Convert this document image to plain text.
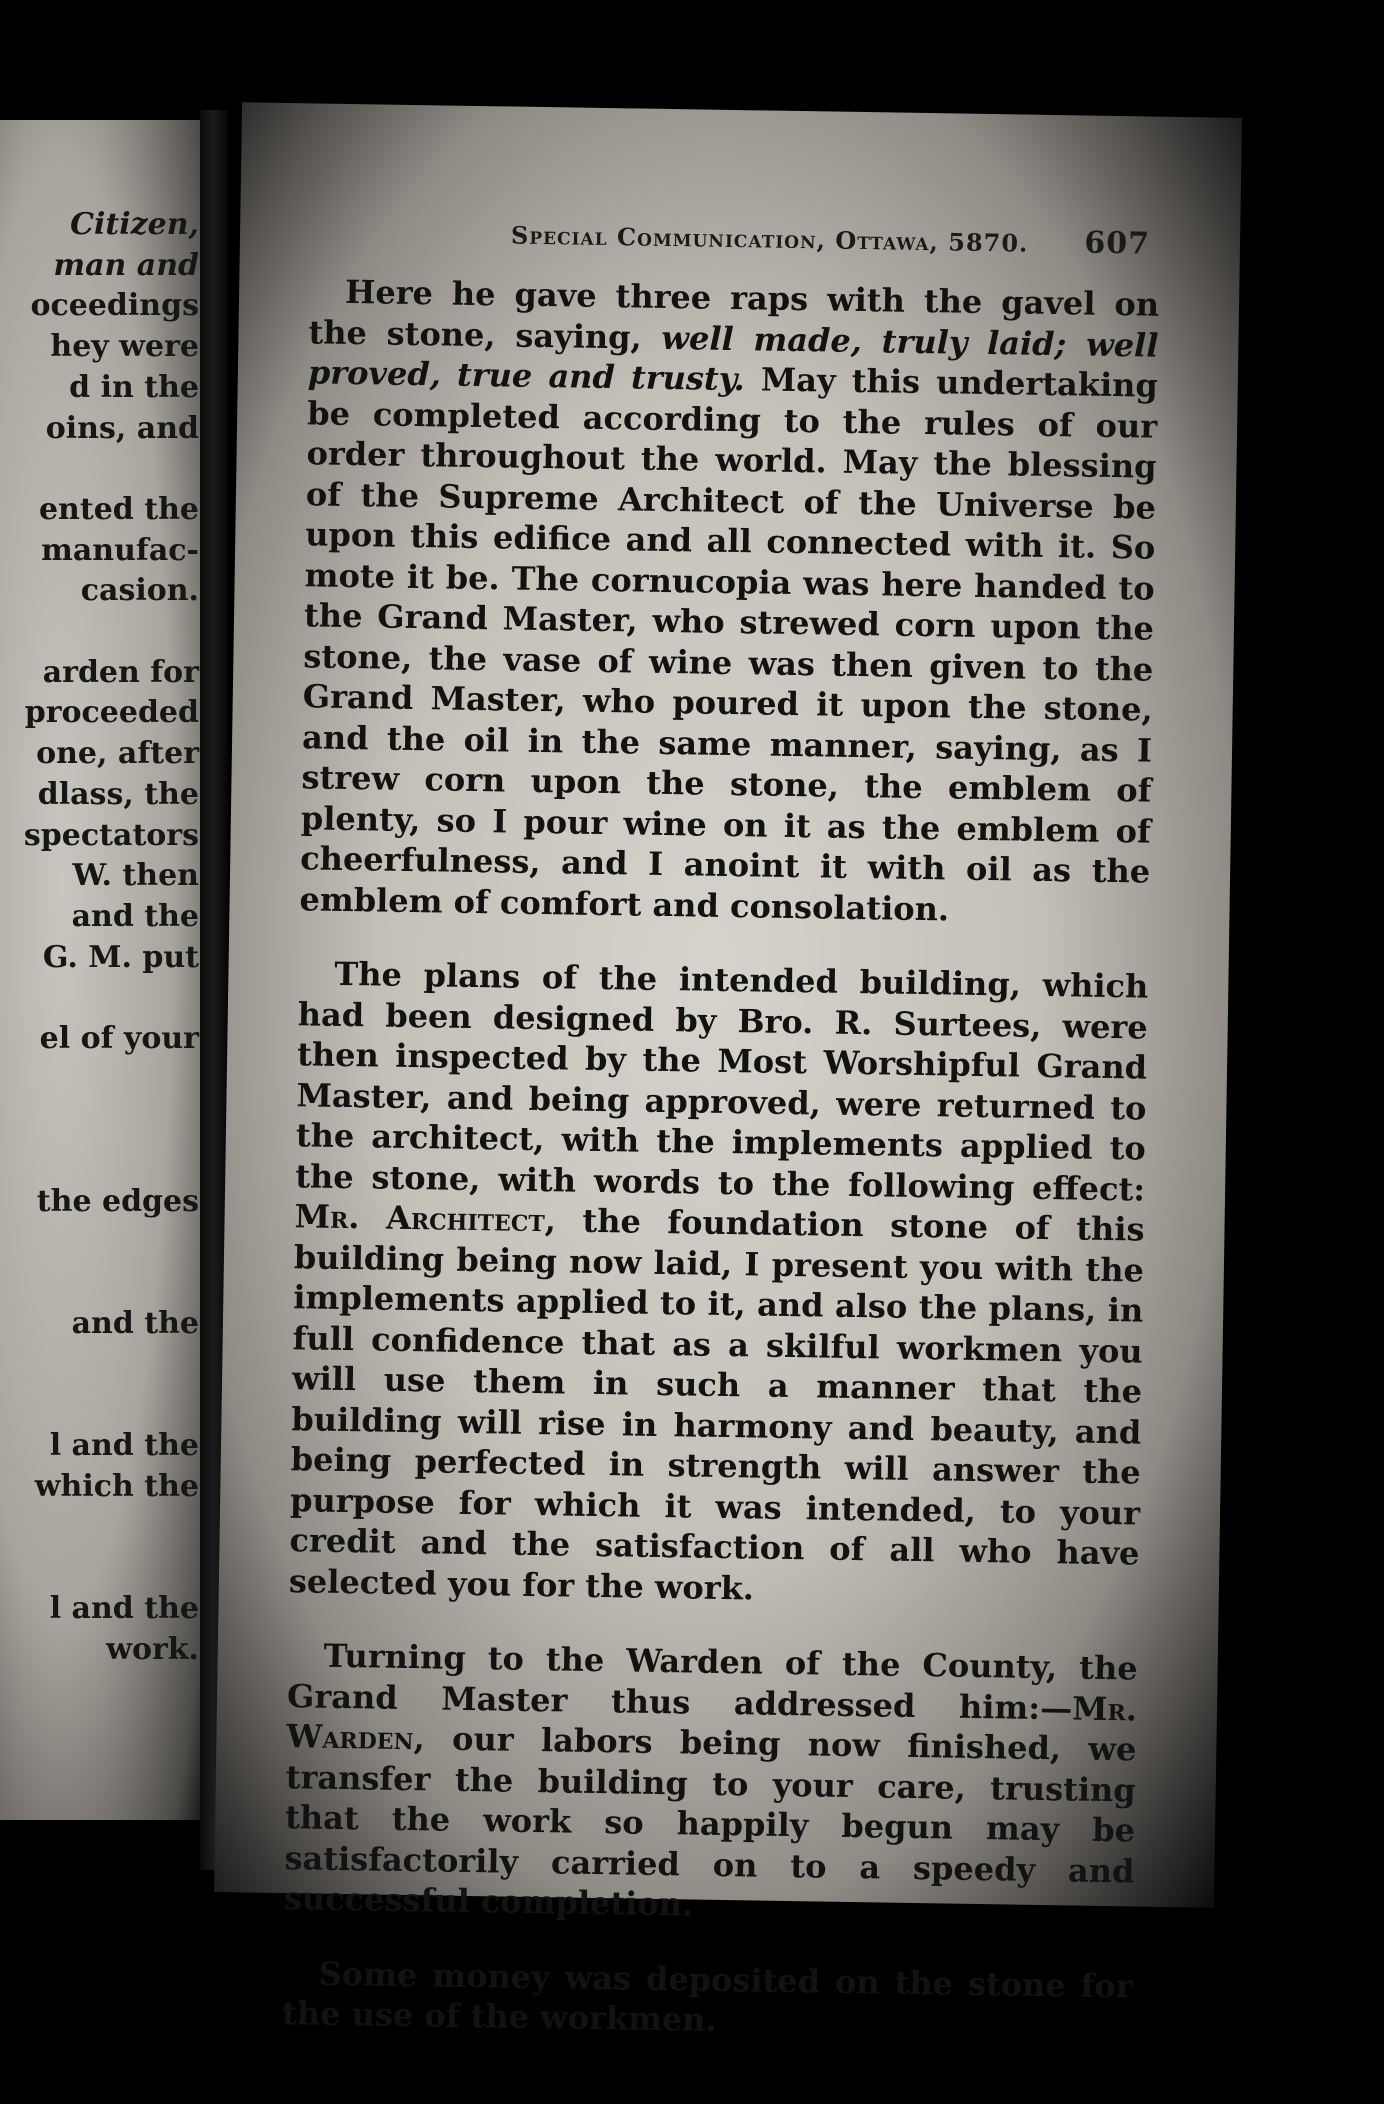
Citizen,
man and
oceedings
hey were
d in the
oins, and
ented the
manufac-
casion.
arden for
proceeded
one, after
dlass, the
spectators
W. then
and the
G. M. put
el of your
the edges
and the
l and the
which the
l and the
work.
Special Communication, Ottawa, 5870.	607

Here he gave three raps with the gavel on the stone, saying, well made, truly laid; well proved, true and trusty. May this undertaking be completed according to the rules of our order throughout the world. May the blessing of the Supreme Architect of the Universe be upon this edifice and all connected with it. So mote it be. The cornucopia was here handed to the Grand Master, who strewed corn upon the stone, the vase of wine was then given to the Grand Master, who poured it upon the stone, and the oil in the same manner, saying, as I strew corn upon the stone, the emblem of plenty, so I pour wine on it as the emblem of cheerfulness, and I anoint it with oil as the emblem of comfort and consolation.

The plans of the intended building, which had been designed by Bro. R. Surtees, were then inspected by the Most Worshipful Grand Master, and being approved, were returned to the architect, with the implements applied to the stone, with words to the following effect: Mr. Architect, the foundation stone of this building being now laid, I present you with the implements applied to it, and also the plans, in full confidence that as a skilful workmen you will use them in such a manner that the building will rise in harmony and beauty, and being perfected in strength will answer the purpose for which it was intended, to your credit and the satisfaction of all who have selected you for the work.

Turning to the Warden of the County, the Grand Master thus addressed him:—Mr. Warden, our labors being now finished, we transfer the building to your care, trusting that the work so happily begun may be satisfactorily carried on to a speedy and successful completion.

Some money was deposited on the stone for the use of the workmen.
